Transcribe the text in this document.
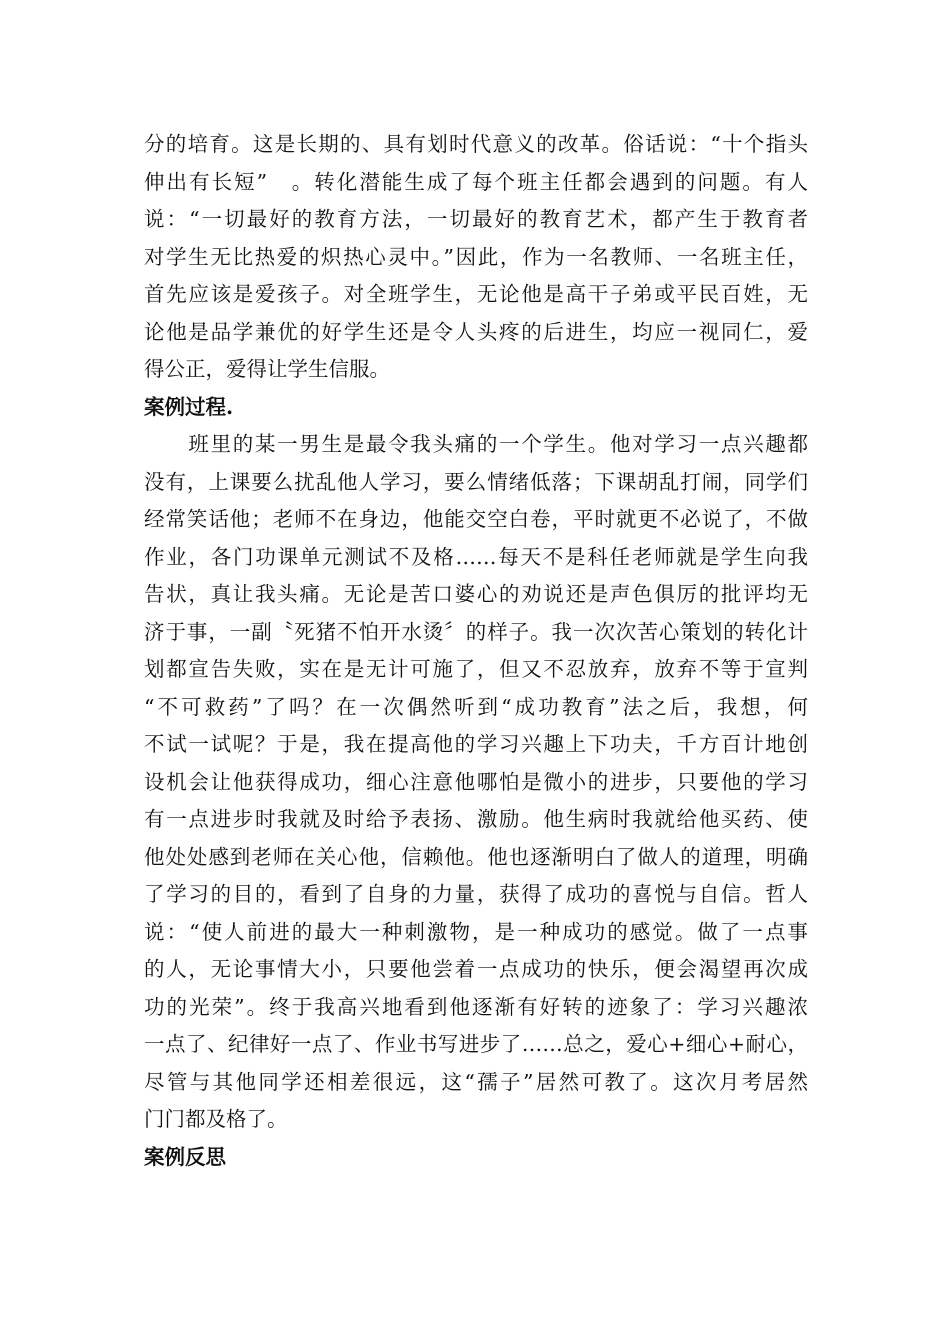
分的培育。这是长期的、具有划时代意义的改革。俗话说：“十个指头
伸出有长短”　。转化潜能生成了每个班主任都会遇到的问题。有人
说：“一切最好的教育方法，一切最好的教育艺术，都产生于教育者
对学生无比热爱的炽热心灵中。”因此，作为一名教师、一名班主任，
首先应该是爱孩子。对全班学生，无论他是高干子弟或平民百姓，无
论他是品学兼优的好学生还是令人头疼的后进生，均应一视同仁，爱
得公正，爱得让学生信服。
案例过程.
　　班里的某一男生是最令我头痛的一个学生。他对学习一点兴趣都
没有，上课要么扰乱他人学习，要么情绪低落；下课胡乱打闹，同学们
经常笑话他；老师不在身边，他能交空白卷，平时就更不必说了，不做
作业，各门功课单元测试不及格……每天不是科任老师就是学生向我
告状，真让我头痛。无论是苦口婆心的劝说还是声色俱厉的批评均无
济于事，一副〝死猪不怕开水烫〞的样子。我一次次苦心策划的转化计
划都宣告失败，实在是无计可施了，但又不忍放弃，放弃不等于宣判
“不可救药”了吗？在一次偶然听到“成功教育”法之后，我想，何
不试一试呢？于是，我在提高他的学习兴趣上下功夫，千方百计地创
设机会让他获得成功，细心注意他哪怕是微小的进步，只要他的学习
有一点进步时我就及时给予表扬、激励。他生病时我就给他买药、使
他处处感到老师在关心他，信赖他。他也逐渐明白了做人的道理，明确
了学习的目的，看到了自身的力量，获得了成功的喜悦与自信。哲人
说：“使人前进的最大一种刺激物，是一种成功的感觉。做了一点事
的人，无论事情大小，只要他尝着一点成功的快乐，便会渴望再次成
功的光荣”。终于我高兴地看到他逐渐有好转的迹象了：学习兴趣浓
一点了、纪律好一点了、作业书写进步了……总之，爱心+细心+耐心，
尽管与其他同学还相差很远，这“孺子”居然可教了。这次月考居然
门门都及格了。
案例反思
